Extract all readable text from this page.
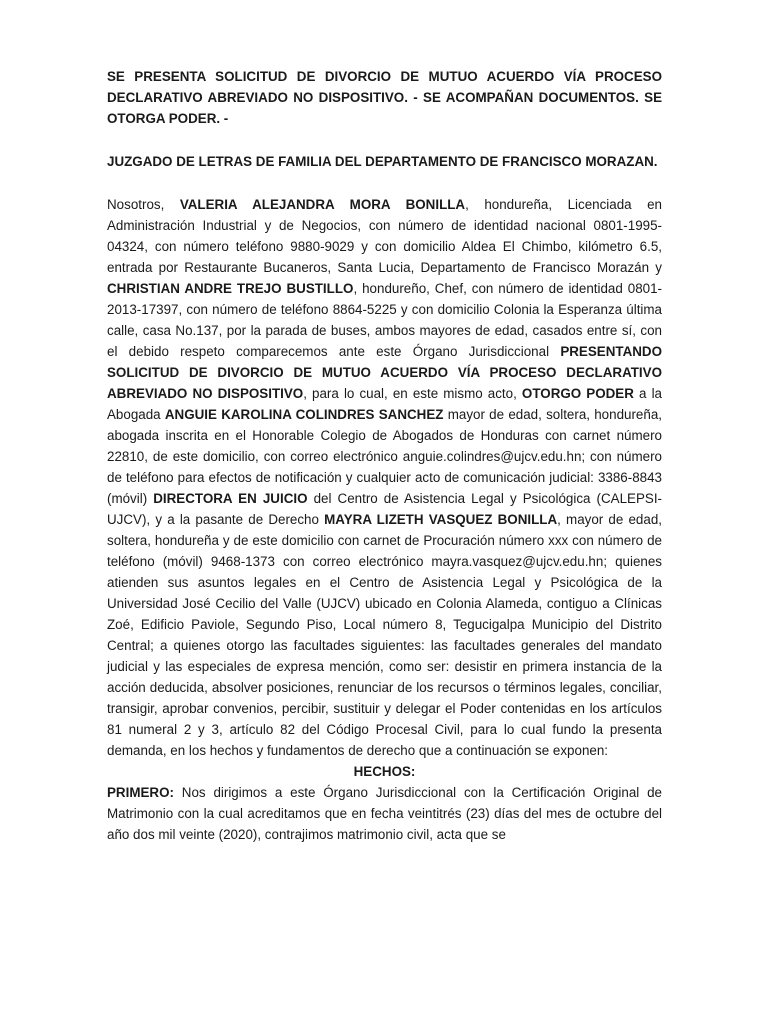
SE PRESENTA SOLICITUD DE DIVORCIO DE MUTUO ACUERDO VÍA PROCESO DECLARATIVO ABREVIADO NO DISPOSITIVO. - SE ACOMPAÑAN DOCUMENTOS. SE OTORGA PODER. -

JUZGADO DE LETRAS DE FAMILIA DEL DEPARTAMENTO DE FRANCISCO MORAZAN.

Nosotros, VALERIA ALEJANDRA MORA BONILLA, hondureña, Licenciada en Administración Industrial y de Negocios, con número de identidad nacional 0801-1995-04324, con número teléfono 9880-9029 y con domicilio Aldea El Chimbo, kilómetro 6.5, entrada por Restaurante Bucaneros, Santa Lucia, Departamento de Francisco Morazán y CHRISTIAN ANDRE TREJO BUSTILLO, hondureño, Chef, con número de identidad 0801-2013-17397, con número de teléfono 8864-5225 y con domicilio Colonia la Esperanza última calle, casa No.137, por la parada de buses, ambos mayores de edad, casados entre sí, con el debido respeto comparecemos ante este Órgano Jurisdiccional PRESENTANDO SOLICITUD DE DIVORCIO DE MUTUO ACUERDO VÍA PROCESO DECLARATIVO ABREVIADO NO DISPOSITIVO, para lo cual, en este mismo acto, OTORGO PODER a la Abogada ANGUIE KAROLINA COLINDRES SANCHEZ mayor de edad, soltera, hondureña, abogada inscrita en el Honorable Colegio de Abogados de Honduras con carnet número 22810, de este domicilio, con correo electrónico anguie.colindres@ujcv.edu.hn; con número de teléfono para efectos de notificación y cualquier acto de comunicación judicial: 3386-8843 (móvil) DIRECTORA EN JUICIO del Centro de Asistencia Legal y Psicológica (CALEPSI-UJCV), y a la pasante de Derecho MAYRA LIZETH VASQUEZ BONILLA, mayor de edad, soltera, hondureña y de este domicilio con carnet de Procuración número xxx con número de teléfono (móvil) 9468-1373 con correo electrónico mayra.vasquez@ujcv.edu.hn; quienes atienden sus asuntos legales en el Centro de Asistencia Legal y Psicológica de la Universidad José Cecilio del Valle (UJCV) ubicado en Colonia Alameda, contiguo a Clínicas Zoé, Edificio Paviole, Segundo Piso, Local número 8, Tegucigalpa Municipio del Distrito Central; a quienes otorgo las facultades siguientes: las facultades generales del mandato judicial y las especiales de expresa mención, como ser: desistir en primera instancia de la acción deducida, absolver posiciones, renunciar de los recursos o términos legales, conciliar, transigir, aprobar convenios, percibir, sustituir y delegar el Poder contenidas en los artículos 81 numeral 2 y 3, artículo 82 del Código Procesal Civil, para lo cual fundo la presenta demanda, en los hechos y fundamentos de derecho que a continuación se exponen:

HECHOS:

PRIMERO: Nos dirigimos a este Órgano Jurisdiccional con la Certificación Original de Matrimonio con la cual acreditamos que en fecha veintitrés (23) días del mes de octubre del año dos mil veinte (2020), contrajimos matrimonio civil, acta que se
